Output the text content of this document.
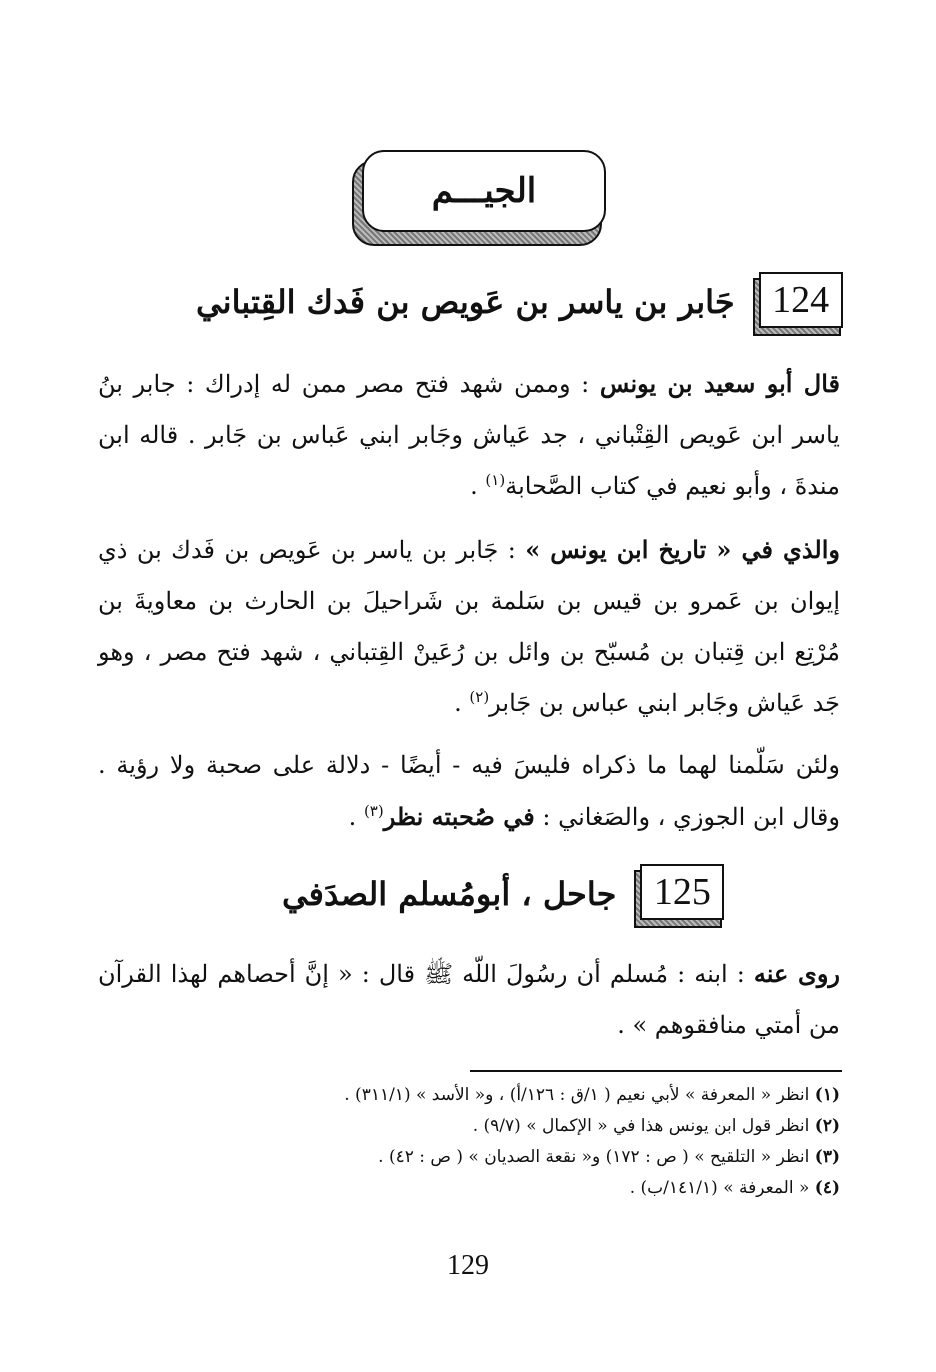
الجيـــم
جَابر بن ياسر بن عَويص بن فَدك القِتباني 124
قال أبو سعيد بن يونس : وممن شهد فتح مصر ممن له إدراك : جابر بنُ ياسر ابن عَويص القِتْباني ، جد عَياش وجَابر ابني عَباس بن جَابر . قاله ابن مندةَ ، وأبو نعيم في كتاب الصَّحابة$^{(١)}$ .
والذي في « تاريخ ابن يونس » : جَابر بن ياسر بن عَويص بن فَدك بن ذي إيوان بن عَمرو بن قيس بن سَلمة بن شَراحيلَ بن الحارث بن معاويةَ بن مُرْتِع ابن قِتبان بن مُسبّح بن وائل بن رُعَينْ القِتباني ، شهد فتح مصر ، وهو جَد عَياش وجَابر ابني عباس بن جَابر$^{(٢)}$ .
ولئن سَلّمنا لهما ما ذكراه فليسَ فيه - أيضًا - دلالة على صحبة ولا رؤية . وقال ابن الجوزي ، والصَغاني : في صُحبته نظر$^{(٣)}$ .
جاحل ، أبومُسلم الصدَفي 125
روى عنه : ابنه : مُسلم أن رسُولَ اللّه ﷺ قال : « إنَّ أحصاهم لهذا القرآن من أمتي منافقوهم » .
(١) انظر « المعرفة » لأبي نعيم ( ١/ق : ١٢٦/أ) ، و« الأسد » (٣١١/١) .
(٢) انظر قول ابن يونس هذا في « الإكمال » (٩/٧) .
(٣) انظر « التلقيح » ( ص : ١٧٢) و« نقعة الصديان » ( ص : ٤٢) .
(٤) « المعرفة » (١٤١/١/ب) .
129
